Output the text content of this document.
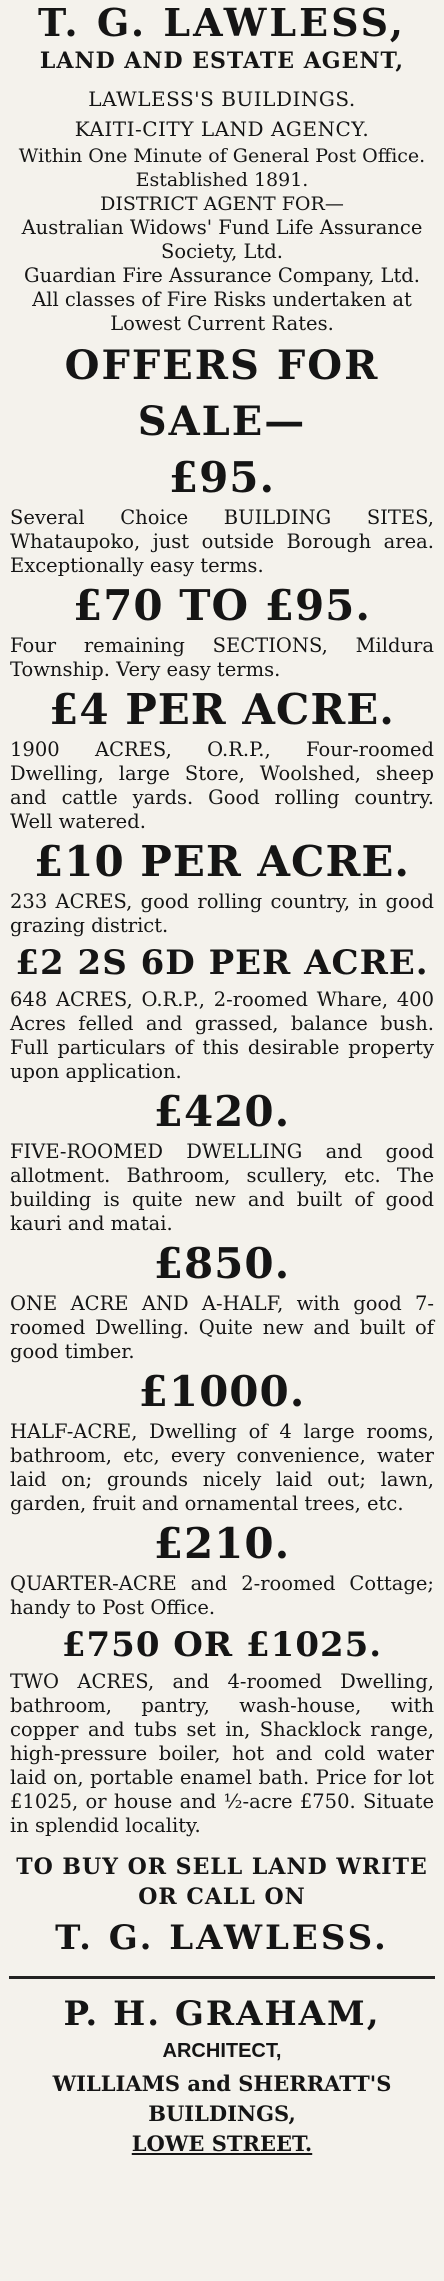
T. G. LAWLESS,

LAND AND ESTATE AGENT,

LAWLESS'S BUILDINGS.

KAITI-CITY LAND AGENCY.

Within One Minute of General Post Office.

Established 1891.

DISTRICT AGENT FOR—

Australian Widows' Fund Life Assurance Society, Ltd.

Guardian Fire Assurance Company, Ltd. All classes of Fire Risks undertaken at Lowest Current Rates.

OFFERS FOR SALE—

£95.

Several Choice BUILDING SITES, Whataupoko, just outside Borough area. Exceptionally easy terms.

£70 TO £95.

Four remaining SECTIONS, Mildura Township. Very easy terms.

£4 PER ACRE.

1900 ACRES, O.R.P., Four-roomed Dwelling, large Store, Woolshed, sheep and cattle yards. Good rolling country. Well watered.

£10 PER ACRE.

233 ACRES, good rolling country, in good grazing district.

£2 2S 6D PER ACRE.

648 ACRES, O.R.P., 2-roomed Whare, 400 Acres felled and grassed, balance bush. Full particulars of this desirable property upon application.

£420.

FIVE-ROOMED DWELLING and good allotment. Bathroom, scullery, etc. The building is quite new and built of good kauri and matai.

£850.

ONE ACRE AND A-HALF, with good 7-roomed Dwelling. Quite new and built of good timber.

£1000.

HALF-ACRE, Dwelling of 4 large rooms, bathroom, etc, every convenience, water laid on; grounds nicely laid out; lawn, garden, fruit and ornamental trees, etc.

£210.

QUARTER-ACRE and 2-roomed Cottage; handy to Post Office.

£750 OR £1025.

TWO ACRES, and 4-roomed Dwelling, bathroom, pantry, wash-house, with copper and tubs set in, Shacklock range, high-pressure boiler, hot and cold water laid on, portable enamel bath. Price for lot £1025, or house and ½-acre £750. Situate in splendid locality.

TO BUY OR SELL LAND WRITE

OR CALL ON

T. G. LAWLESS.

P. H. GRAHAM,

ARCHITECT,

WILLIAMS and SHERRATT'S

BUILDINGS,

LOWE STREET.
